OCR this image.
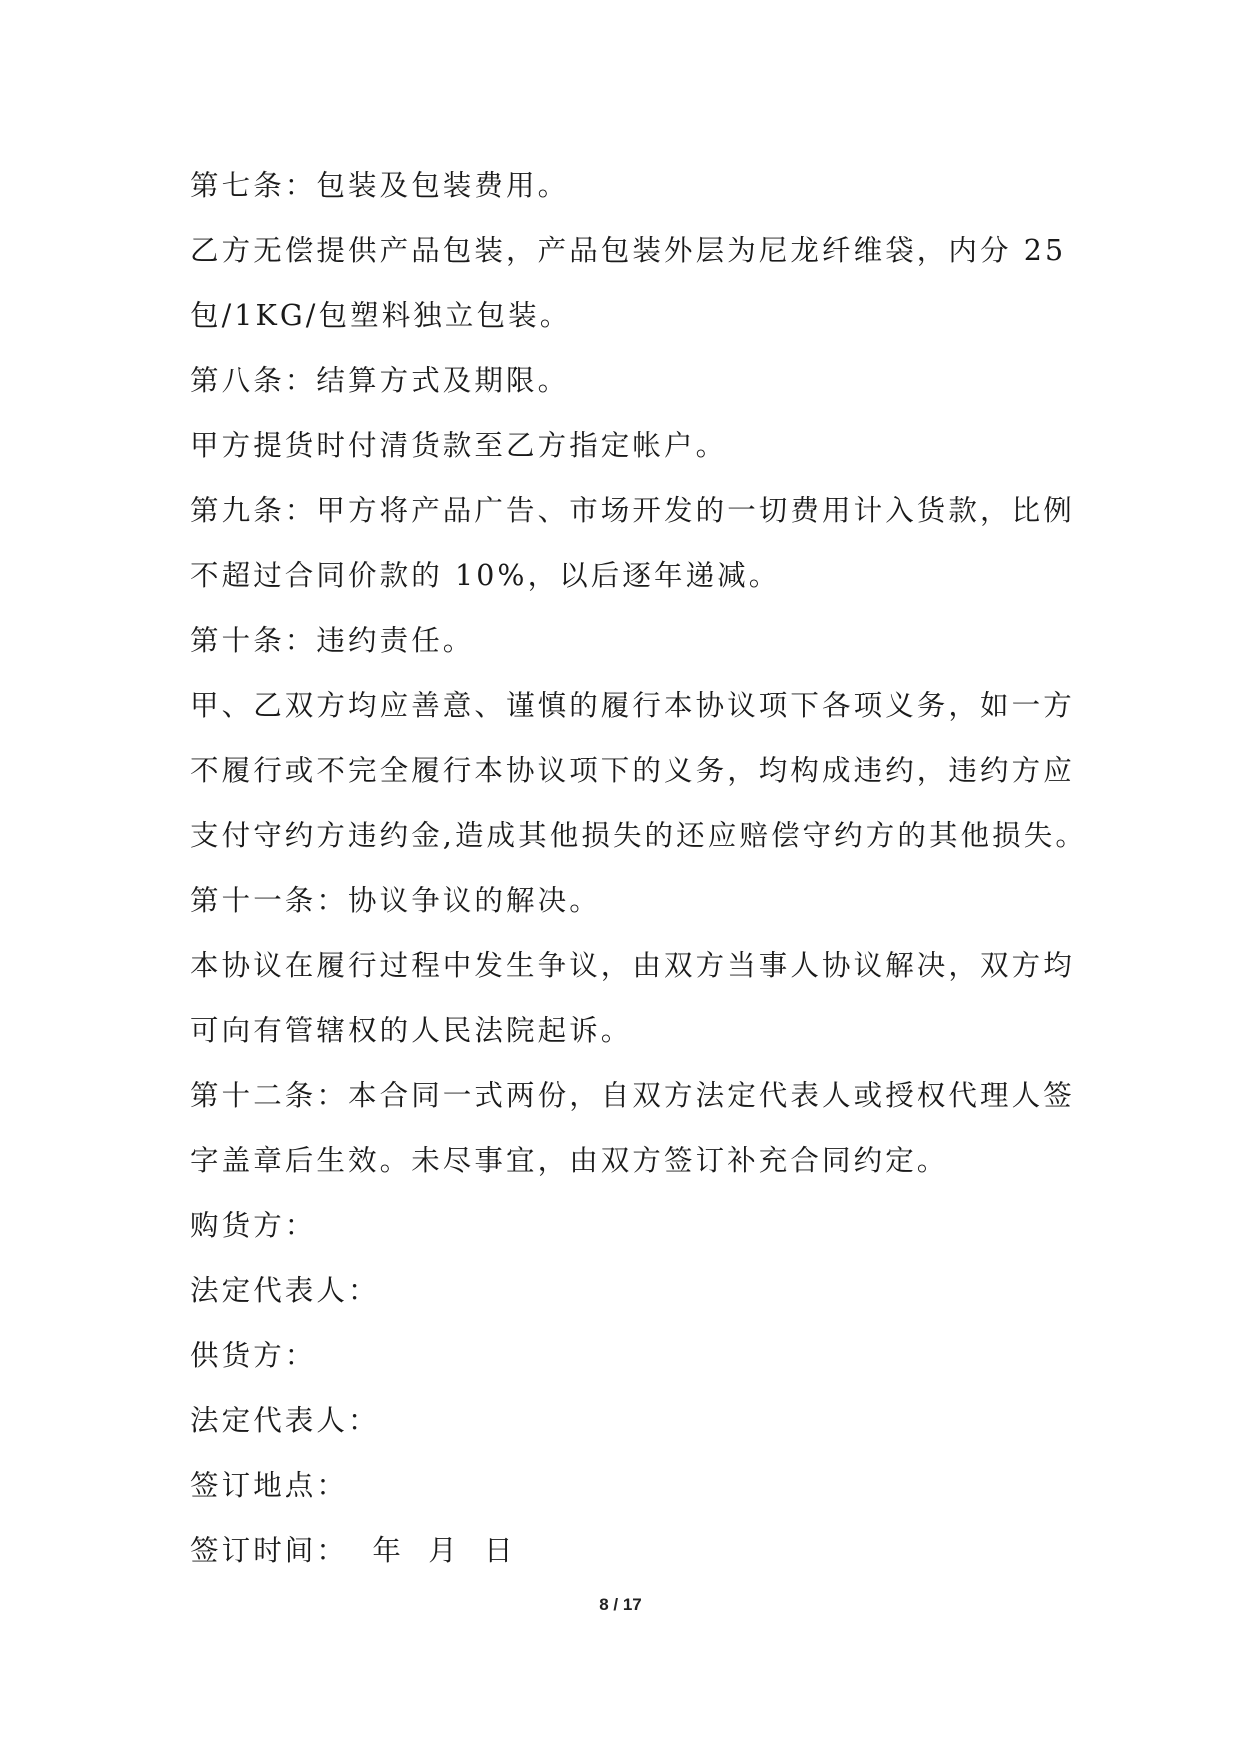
第七条：包装及包装费用。
乙方无偿提供产品包装，产品包装外层为尼龙纤维袋，内分 25
包/1KG/包塑料独立包装。
第八条：结算方式及期限。
甲方提货时付清货款至乙方指定帐户。
第九条：甲方将产品广告、市场开发的一切费用计入货款，比例
不超过合同价款的 10%，以后逐年递减。
第十条：违约责任。
甲、乙双方均应善意、谨慎的履行本协议项下各项义务，如一方
不履行或不完全履行本协议项下的义务，均构成违约，违约方应
支付守约方违约金,造成其他损失的还应赔偿守约方的其他损失。
第十一条：协议争议的解决。
本协议在履行过程中发生争议，由双方当事人协议解决，双方均
可向有管辖权的人民法院起诉。
第十二条：本合同一式两份，自双方法定代表人或授权代理人签
字盖章后生效。未尽事宜，由双方签订补充合同约定。
购货方：
法定代表人：
供货方：
法定代表人：
签订地点：
签订时间：  年  月  日
8 / 17
